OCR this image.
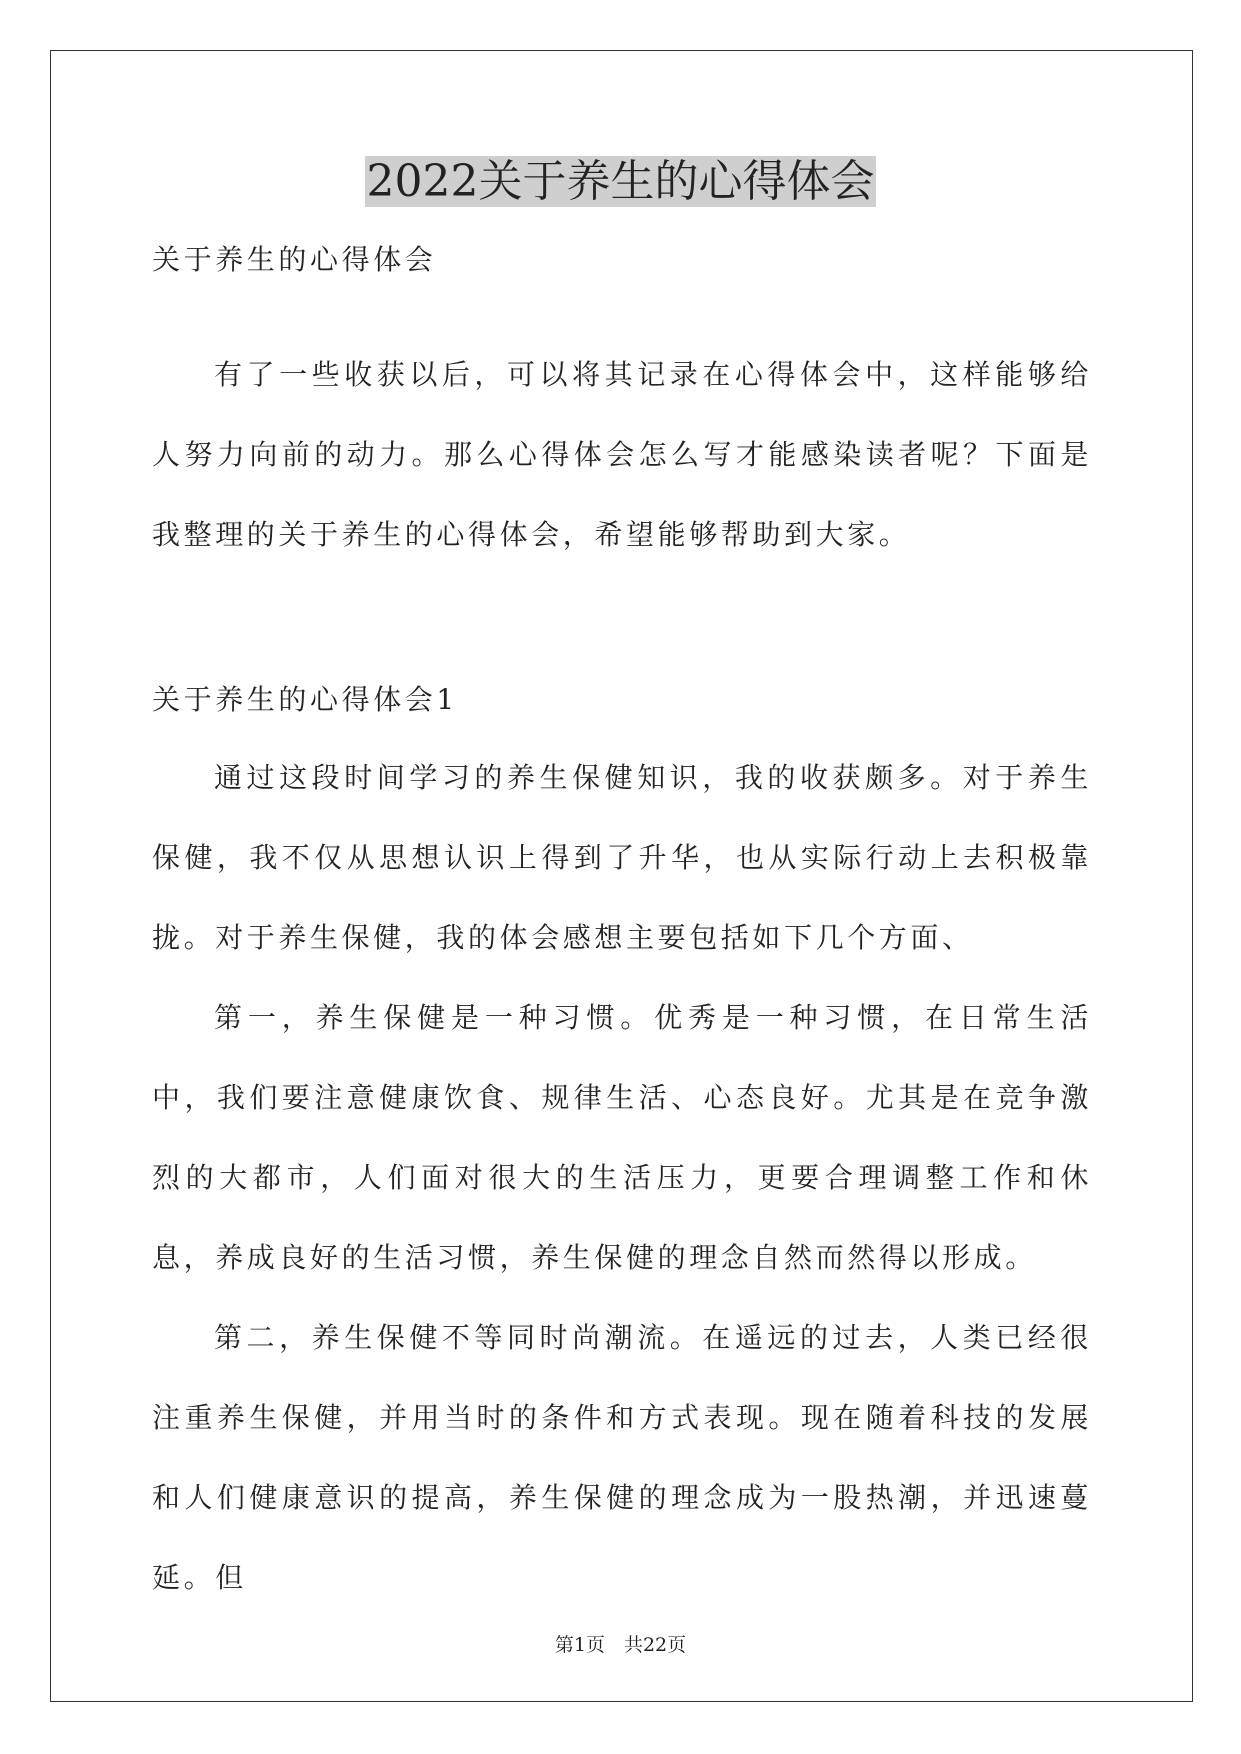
2022关于养生的心得体会

关于养生的心得体会

有了一些收获以后，可以将其记录在心得体会中，这样能够给人努力向前的动力。那么心得体会怎么写才能感染读者呢？下面是我整理的关于养生的心得体会，希望能够帮助到大家。

关于养生的心得体会1

通过这段时间学习的养生保健知识，我的收获颇多。对于养生保健，我不仅从思想认识上得到了升华，也从实际行动上去积极靠拢。对于养生保健，我的体会感想主要包括如下几个方面、

第一，养生保健是一种习惯。优秀是一种习惯，在日常生活中，我们要注意健康饮食、规律生活、心态良好。尤其是在竞争激烈的大都市，人们面对很大的生活压力，更要合理调整工作和休息，养成良好的生活习惯，养生保健的理念自然而然得以形成。

第二，养生保健不等同时尚潮流。在遥远的过去，人类已经很注重养生保健，并用当时的条件和方式表现。现在随着科技的发展和人们健康意识的提高，养生保健的理念成为一股热潮，并迅速蔓延。但

第1页　共22页
